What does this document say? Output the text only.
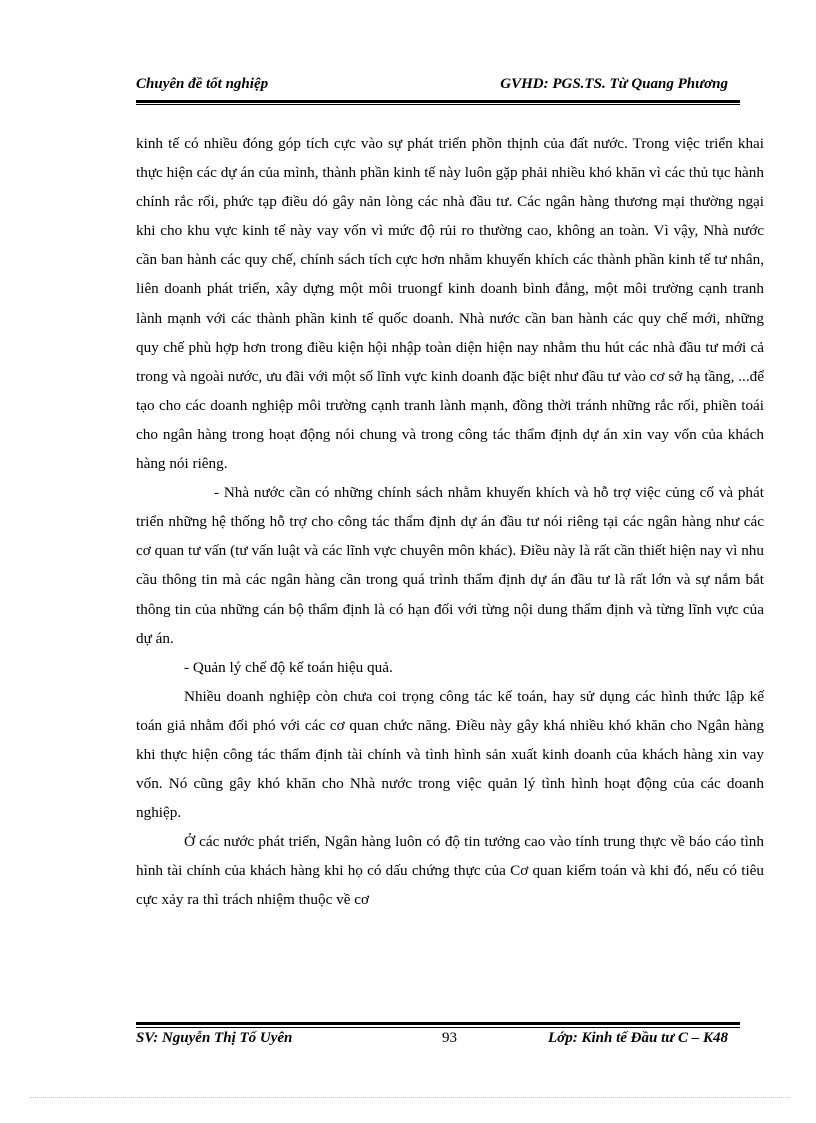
Chuyên đề tốt nghiệp	GVHD: PGS.TS. Từ Quang Phương

kinh tế có nhiều đóng góp tích cực vào sự phát triển phồn thịnh của đất nước. Trong việc triển khai thực hiện các dự án của mình, thành phần kinh tế này luôn gặp phải nhiều khó khăn vì các thủ tục hành chính rắc rối, phức tạp điều dó gây nản lòng các nhà đầu tư. Các ngân hàng thương mại thường ngại khi cho khu vực kinh tế này vay vốn vì mức độ rủi ro thường cao, không an toàn. Vì vậy, Nhà nước cần ban hành các quy chế, chính sách tích cực hơn nhằm khuyến khích các thành phần kinh tế tư nhân, liên doanh phát triển, xây dựng một môi truongf kinh doanh bình đẳng, một môi trường cạnh tranh lành mạnh với các thành phần kinh tế quốc doanh. Nhà nước cần ban hành các quy chế mới, những quy chế phù hợp hơn trong điều kiện hội nhập toàn diện hiện nay nhằm thu hút các nhà đầu tư mới cả trong và ngoài nước, ưu đãi với một số lĩnh vực kinh doanh đặc biệt như đầu tư vào cơ sở hạ tầng, ...để tạo cho các doanh nghiệp môi trường cạnh tranh lành mạnh, đồng thời tránh những rắc rối, phiền toái cho ngân hàng trong hoạt động nói chung và trong công tác thẩm định dự án xin vay vốn của khách hàng nói riêng.

- Nhà nước cần có những chính sách nhằm khuyến khích và hỗ trợ việc củng cố và phát triển những hệ thống hỗ trợ cho công tác thẩm định dự án đầu tư nói riêng tại các ngân hàng như các cơ quan tư vấn (tư vấn luật và các lĩnh vực chuyên môn khác). Điều này là rất cần thiết hiện nay vì nhu cầu thông tin mà các ngân hàng cần trong quá trình thẩm định dự án đầu tư là rất lớn và sự nắm bắt thông tin của những cán bộ thẩm định là có hạn đối với từng nội dung thẩm định và từng lĩnh vực của dự án.

- Quản lý chế độ kế toán hiệu quả.

Nhiều doanh nghiệp còn chưa coi trọng công tác kế toán, hay sử dụng các hình thức lập kế toán giả nhằm đối phó với các cơ quan chức năng. Điều này gây khá nhiều khó khăn cho Ngân hàng khi thực hiện công tác thẩm định tài chính và tình hình sản xuất kinh doanh của khách hàng xin vay vốn. Nó cũng gây khó khăn cho Nhà nước trong việc quản lý tình hình hoạt động của các doanh nghiệp.

Ở các nước phát triển, Ngân hàng luôn có độ tin tưởng cao vào tính trung thực về báo cáo tình hình tài chính của khách hàng khi họ có dấu chứng thực của Cơ quan kiểm toán và khi đó, nếu có tiêu cực xảy ra thì trách nhiệm thuộc về cơ

SV: Nguyễn Thị Tố Uyên	93	Lớp: Kinh tế Đầu tư C – K48
